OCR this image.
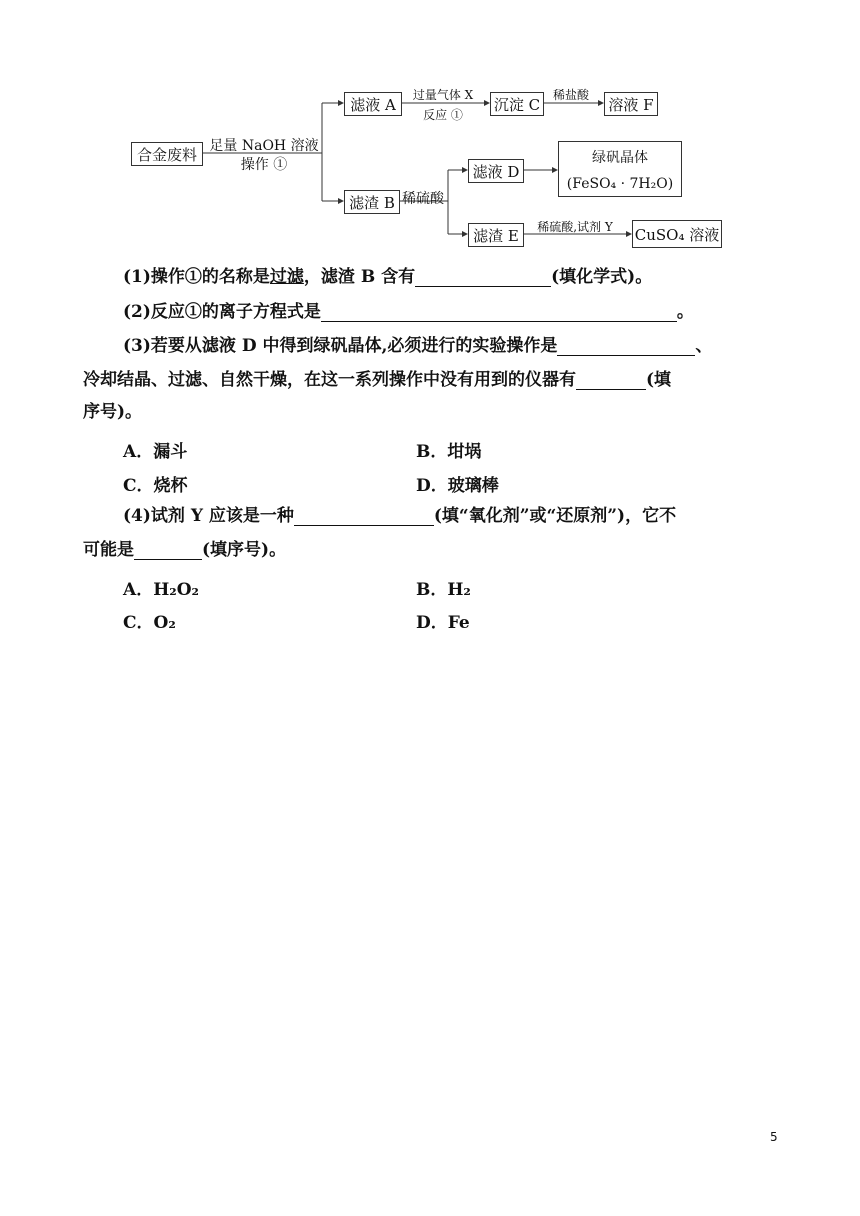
合金废料 足量 NaOH 溶液
操作 ①
滤液 A
过量气体 X
反应 ①
沉淀 C
稀盐酸
溶液 F
滤渣 B 稀硫酸
滤液 D
绿矾晶体
(FeSO₄ · 7H₂O)
滤渣 E	稀硫酸,试剂 Y	CuSO₄ 溶液
(1)操作①的名称是过滤，滤渣 B 含有	(填化学式)。
(2)反应①的离子方程式是	。
(3)若要从滤液 D 中得到绿矾晶体,必须进行的实验操作是	、
冷却结晶、过滤、自然干燥，在这一系列操作中没有用到的仪器有	(填
序号)。
A．漏斗	B．坩埚
C．烧杯	D．玻璃棒
(4)试剂 Y 应该是一种	(填“氧化剂”或“还原剂”)，它不
可能是	(填序号)。
A．H₂O₂	B．H₂
C．O₂	D．Fe
5
